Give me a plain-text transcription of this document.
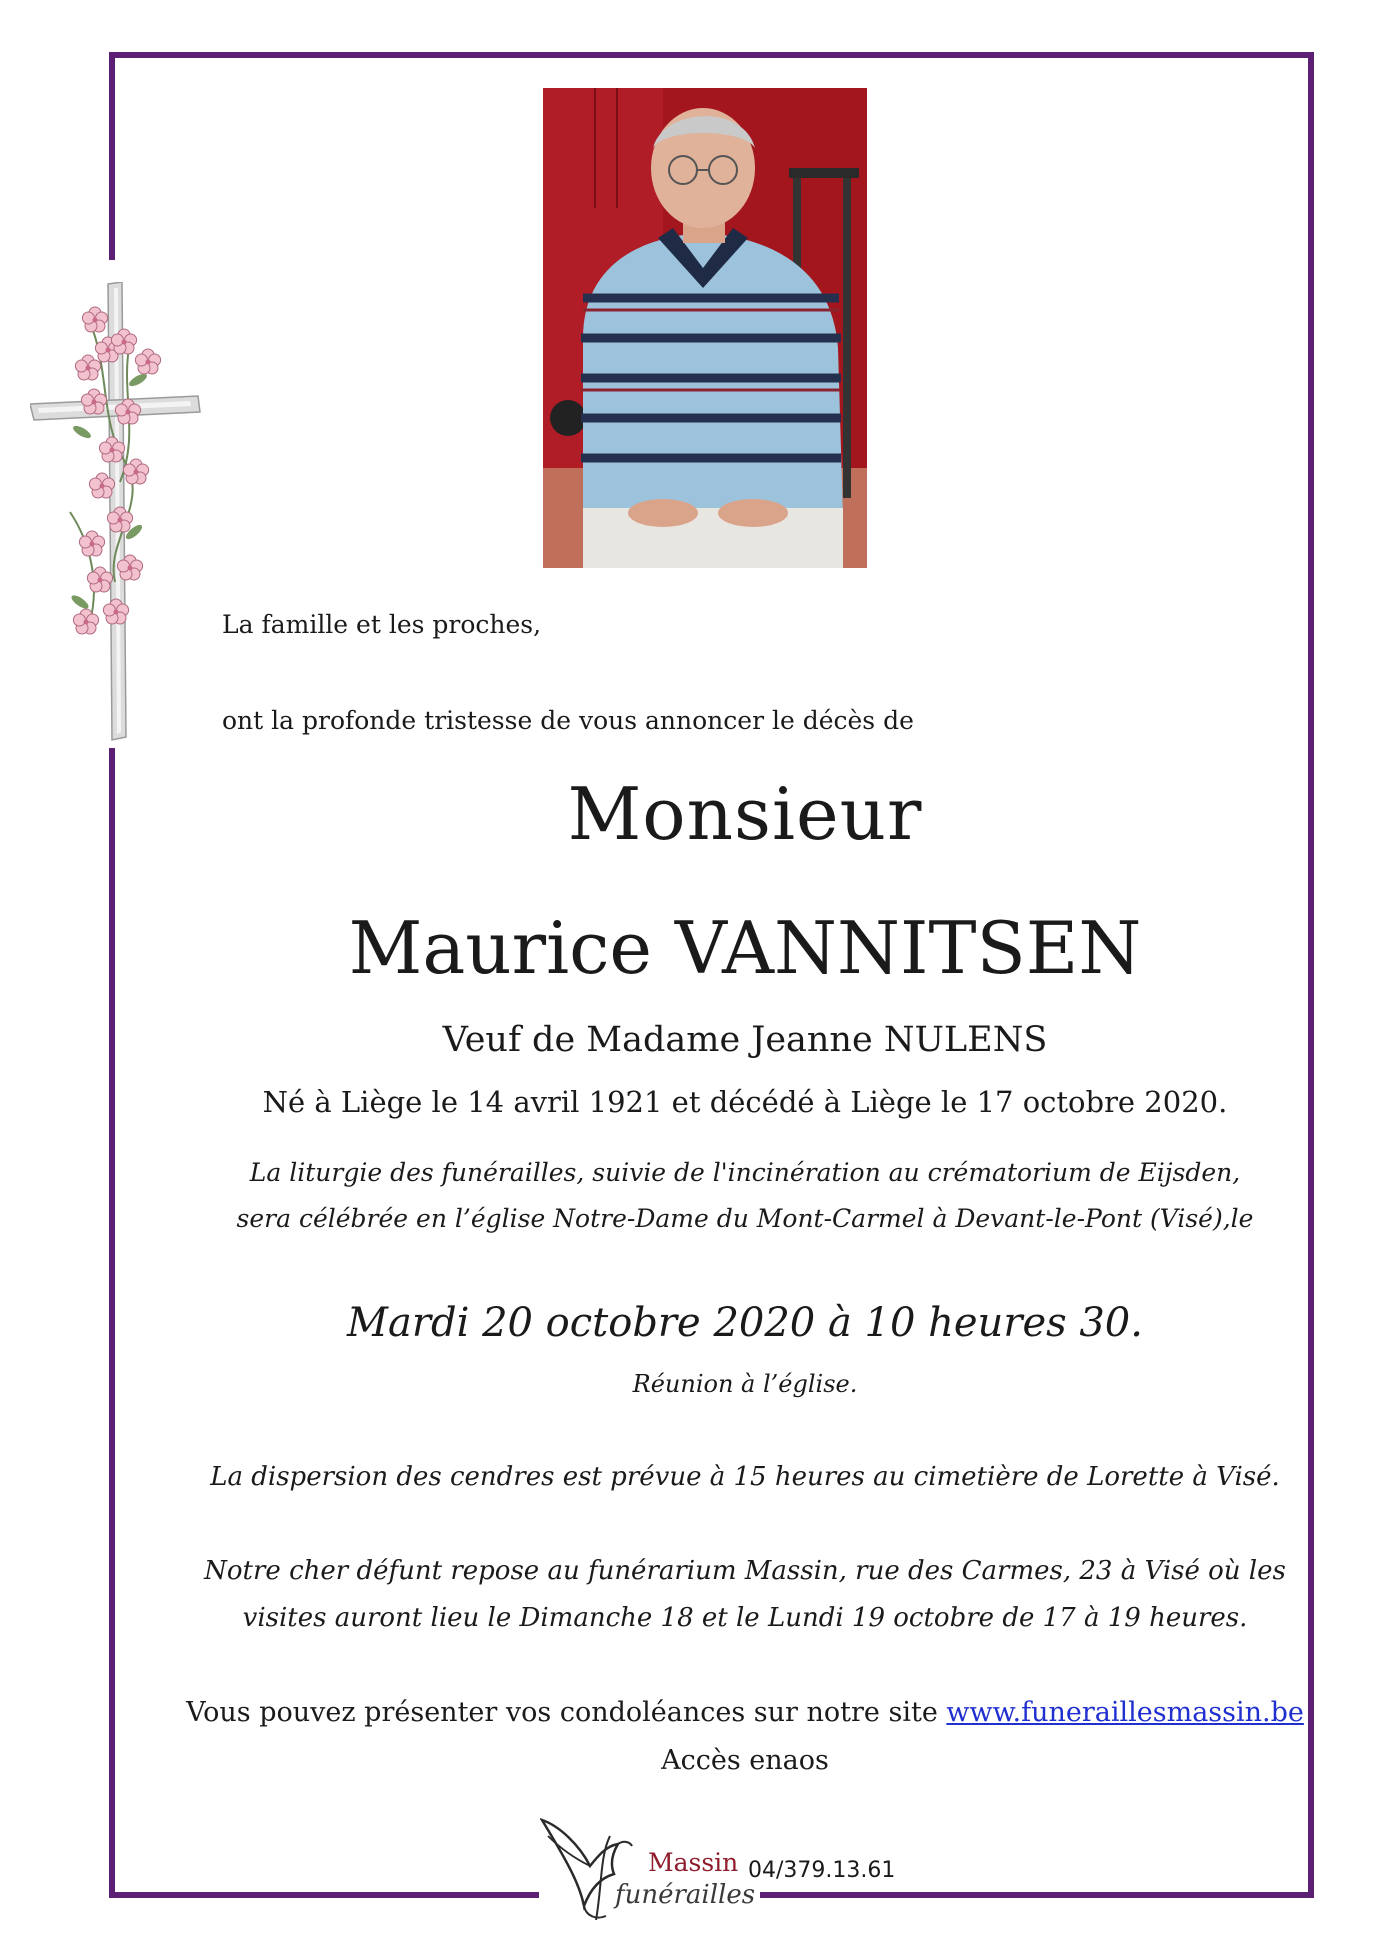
La famille et les proches,

ont la profonde tristesse de vous annoncer le décès de

Monsieur

Maurice VANNITSEN

Veuf de Madame Jeanne NULENS

Né à Liège le 14 avril 1921 et décédé à Liège le 17 octobre 2020.

La liturgie des funérailles, suivie de l'incinération au crématorium de Eijsden,

sera célébrée en l’église Notre-Dame du Mont-Carmel à Devant-le-Pont (Visé),le

Mardi 20 octobre 2020 à 10 heures 30.

Réunion à l’église.

La dispersion des cendres est prévue à 15 heures au cimetière de Lorette à Visé.

Notre cher défunt repose au funérarium Massin, rue des Carmes, 23 à Visé où les

visites auront lieu le Dimanche 18 et le Lundi 19 octobre de 17 à 19 heures.

Vous pouvez présenter vos condoléances sur notre site www.funeraillesmassin.be

Accès enaos

Massin

funérailles

04/379.13.61
